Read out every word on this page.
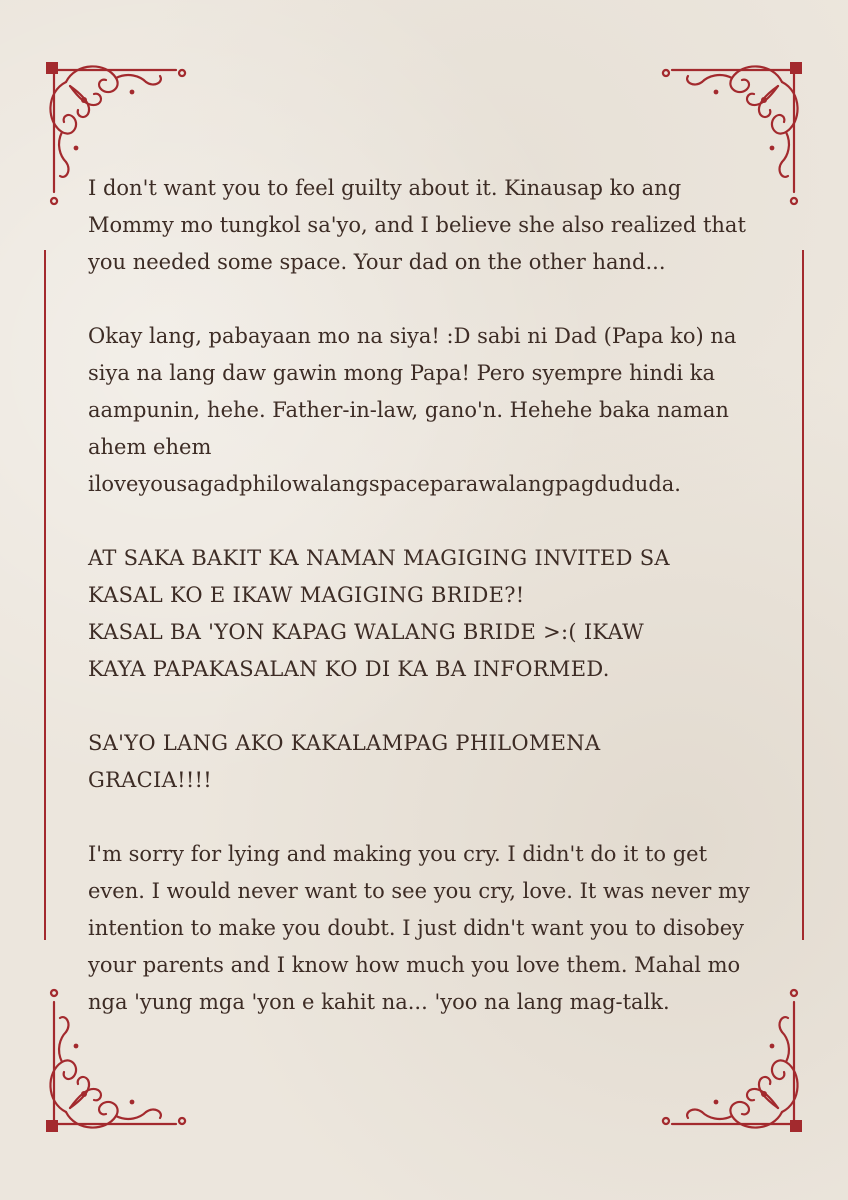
I don't want you to feel guilty about it. Kinausap ko ang
Mommy mo tungkol sa'yo, and I believe she also realized that
you needed some space. Your dad on the other hand...

Okay lang, pabayaan mo na siya! :D sabi ni Dad (Papa ko) na
siya na lang daw gawin mong Papa! Pero syempre hindi ka
aampunin, hehe. Father-in-law, gano'n. Hehehe baka naman
ahem ehem
iloveyousagadphilowalangspaceparawalangpagdududa.

AT SAKA BAKIT KA NAMAN MAGIGING INVITED SA
KASAL KO E IKAW MAGIGING BRIDE?!
KASAL BA 'YON KAPAG WALANG BRIDE >:( IKAW
KAYA PAPAKASALAN KO DI KA BA INFORMED.

SA'YO LANG AKO KAKALAMPAG PHILOMENA
GRACIA!!!!

I'm sorry for lying and making you cry. I didn't do it to get
even. I would never want to see you cry, love. It was never my
intention to make you doubt. I just didn't want you to disobey
your parents and I know how much you love them. Mahal mo
nga 'yung mga 'yon e kahit na... 'yoo na lang mag-talk.
